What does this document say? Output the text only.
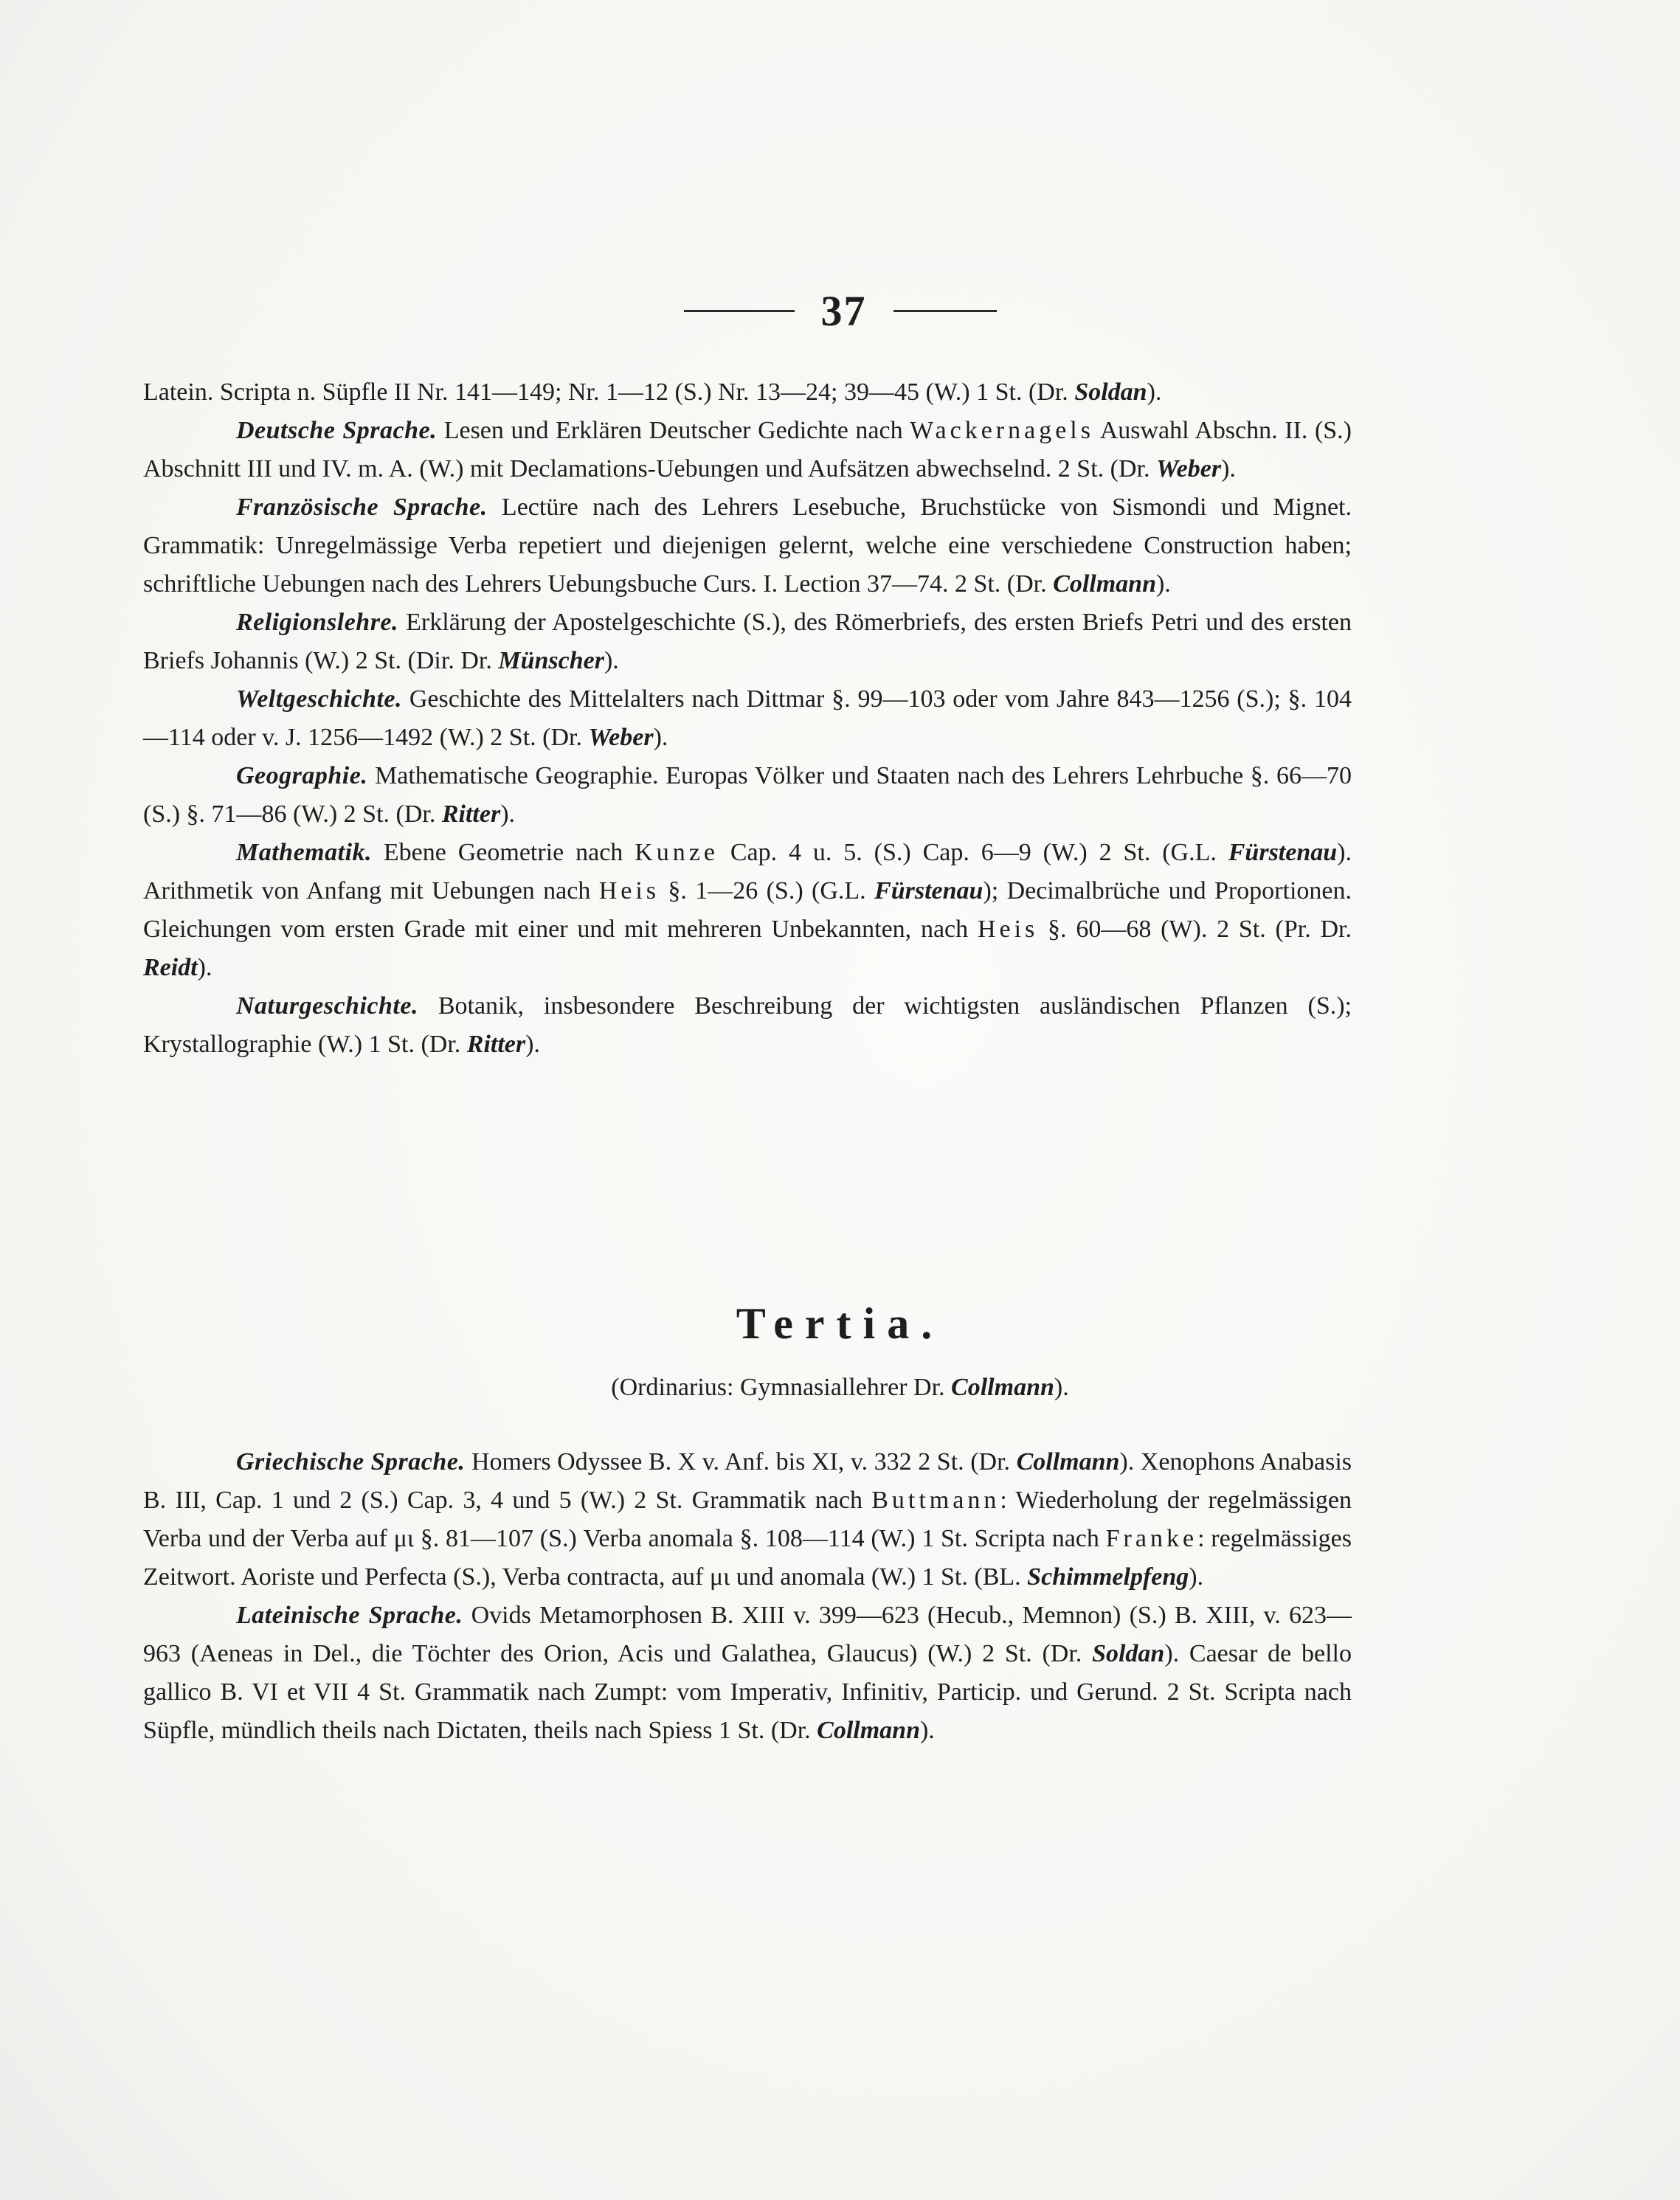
37

Latein. Scripta n. Süpfle II Nr. 141—149; Nr. 1—12 (S.) Nr. 13—24; 39—45 (W.) 1 St. (Dr. Soldan).

Deutsche Sprache. Lesen und Erklären Deutscher Gedichte nach Wackernagels Auswahl Abschn. II. (S.) Abschnitt III und IV. m. A. (W.) mit Declamations-Uebungen und Aufsätzen abwechselnd. 2 St. (Dr. Weber).

Französische Sprache. Lectüre nach des Lehrers Lesebuche, Bruchstücke von Sismondi und Mignet. Grammatik: Unregelmässige Verba repetiert und diejenigen gelernt, welche eine verschiedene Construction haben; schriftliche Uebungen nach des Lehrers Uebungsbuche Curs. I. Lection 37—74. 2 St. (Dr. Collmann).

Religionslehre. Erklärung der Apostelgeschichte (S.), des Römerbriefs, des ersten Briefs Petri und des ersten Briefs Johannis (W.) 2 St. (Dir. Dr. Münscher).

Weltgeschichte. Geschichte des Mittelalters nach Dittmar §. 99—103 oder vom Jahre 843—1256 (S.); §. 104—114 oder v. J. 1256—1492 (W.) 2 St. (Dr. Weber).

Geographie. Mathematische Geographie. Europas Völker und Staaten nach des Lehrers Lehrbuche §. 66—70 (S.) §. 71—86 (W.) 2 St. (Dr. Ritter).

Mathematik. Ebene Geometrie nach Kunze Cap. 4 u. 5. (S.) Cap. 6—9 (W.) 2 St. (G.L. Fürstenau). Arithmetik von Anfang mit Uebungen nach Heis §. 1—26 (S.) (G.L. Fürstenau); Decimalbrüche und Proportionen. Gleichungen vom ersten Grade mit einer und mit mehreren Unbekannten, nach Heis §. 60—68 (W). 2 St. (Pr. Dr. Reidt).

Naturgeschichte. Botanik, insbesondere Beschreibung der wichtigsten ausländischen Pflanzen (S.); Krystallographie (W.) 1 St. (Dr. Ritter).

Tertia.
(Ordinarius: Gymnasiallehrer Dr. Collmann).

Griechische Sprache. Homers Odyssee B. X v. Anf. bis XI, v. 332 2 St. (Dr. Collmann). Xenophons Anabasis B. III, Cap. 1 und 2 (S.) Cap. 3, 4 und 5 (W.) 2 St. Grammatik nach Buttmann: Wiederholung der regelmässigen Verba und der Verba auf μι §. 81—107 (S.) Verba anomala §. 108—114 (W.) 1 St. Scripta nach Franke: regelmässiges Zeitwort. Aoriste und Perfecta (S.), Verba contracta, auf μι und anomala (W.) 1 St. (BL. Schimmelpfeng).

Lateinische Sprache. Ovids Metamorphosen B. XIII v. 399—623 (Hecub., Memnon) (S.) B. XIII, v. 623—963 (Aeneas in Del., die Töchter des Orion, Acis und Galathea, Glaucus) (W.) 2 St. (Dr. Soldan). Caesar de bello gallico B. VI et VII 4 St. Grammatik nach Zumpt: vom Imperativ, Infinitiv, Particip. und Gerund. 2 St. Scripta nach Süpfle, mündlich theils nach Dictaten, theils nach Spiess 1 St. (Dr. Collmann).
